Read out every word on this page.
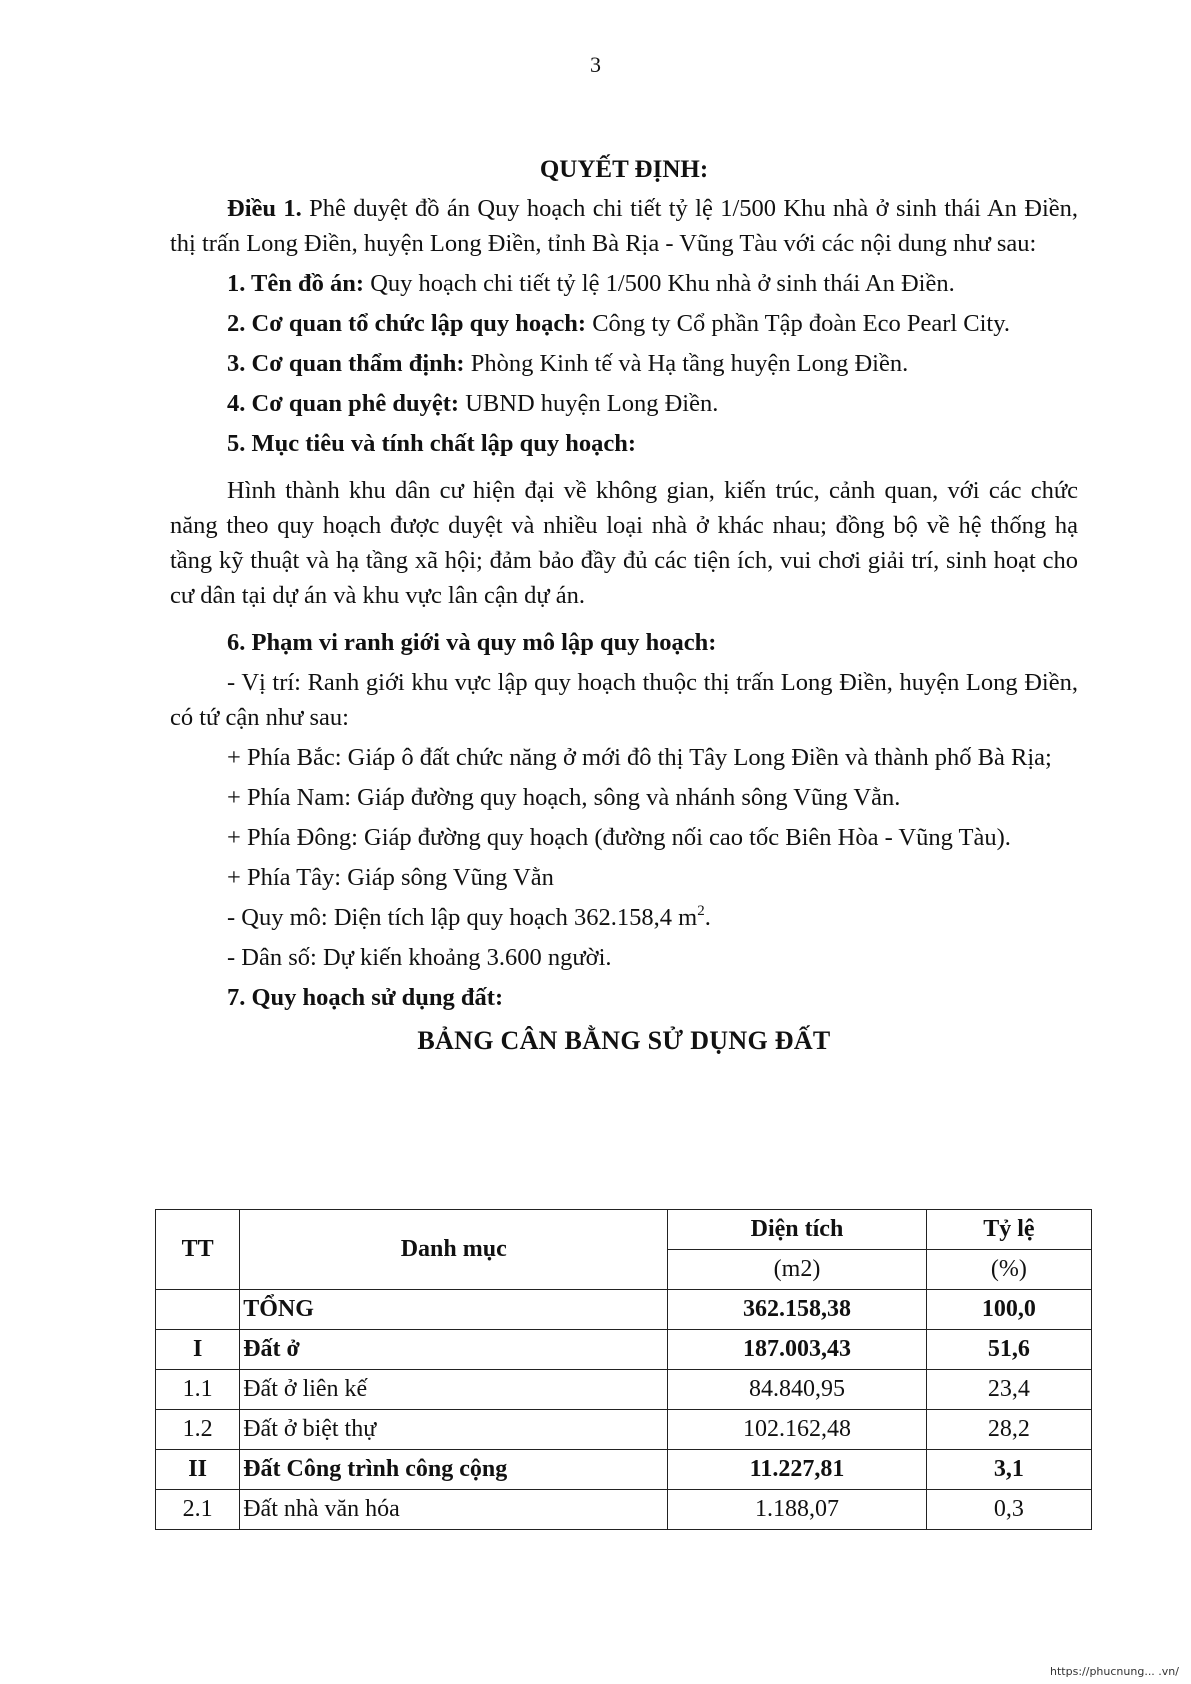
3
QUYẾT ĐỊNH:

Điều 1. Phê duyệt đồ án Quy hoạch chi tiết tỷ lệ 1/500 Khu nhà ở sinh thái An Điền, thị trấn Long Điền, huyện Long Điền, tỉnh Bà Rịa - Vũng Tàu với các nội dung như sau:

1. Tên đồ án: Quy hoạch chi tiết tỷ lệ 1/500 Khu nhà ở sinh thái An Điền.

2. Cơ quan tổ chức lập quy hoạch: Công ty Cổ phần Tập đoàn Eco Pearl City.

3. Cơ quan thẩm định: Phòng Kinh tế và Hạ tầng huyện Long Điền.

4. Cơ quan phê duyệt: UBND huyện Long Điền.

5. Mục tiêu và tính chất lập quy hoạch:

Hình thành khu dân cư hiện đại về không gian, kiến trúc, cảnh quan, với các chức năng theo quy hoạch được duyệt và nhiều loại nhà ở khác nhau; đồng bộ về hệ thống hạ tầng kỹ thuật và hạ tầng xã hội; đảm bảo đầy đủ các tiện ích, vui chơi giải trí, sinh hoạt cho cư dân tại dự án và khu vực lân cận dự án.

6. Phạm vi ranh giới và quy mô lập quy hoạch:

- Vị trí: Ranh giới khu vực lập quy hoạch thuộc thị trấn Long Điền, huyện Long Điền, có tứ cận như sau:

+ Phía Bắc: Giáp ô đất chức năng ở mới đô thị Tây Long Điền và thành phố Bà Rịa;

+ Phía Nam: Giáp đường quy hoạch, sông và nhánh sông Vũng Vằn.

+ Phía Đông: Giáp đường quy hoạch (đường nối cao tốc Biên Hòa - Vũng Tàu).

+ Phía Tây: Giáp sông Vũng Vằn

- Quy mô: Diện tích lập quy hoạch 362.158,4 $m^2$.

- Dân số: Dự kiến khoảng 3.600 người.

7. Quy hoạch sử dụng đất:

BẢNG CÂN BẰNG SỬ DỤNG ĐẤT
TT	Danh mục	Diện tích	Tỷ lệ
		(m2)	(%)
	TỔNG	362.158,38	100,0
I	Đất ở	187.003,43	51,6
1.1	Đất ở liên kế	84.840,95	23,4
1.2	Đất ở biệt thự	102.162,48	28,2
II	Đất Công trình công cộng	11.227,81	3,1
2.1	Đất nhà văn hóa	1.188,07	0,3
https://phucnung... .vn/
